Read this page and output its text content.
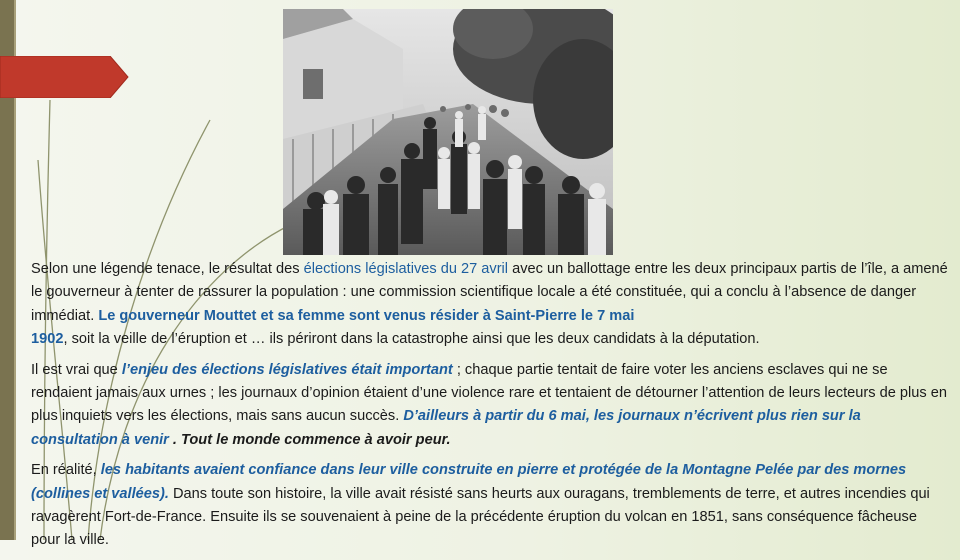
Selon une légende tenace, le résultat des élections législatives du 27 avril avec un ballottage entre les deux principaux partis de l’île, a amené le gouverneur à tenter de rassurer la population : une commission scientifique locale a été constituée, qui a conclu à l’absence de danger immédiat. Le gouverneur Mouttet et sa femme sont venus résider à Saint-Pierre le 7 mai
1902, soit la veille de l’éruption et … ils périront dans la catastrophe ainsi que les deux candidats à la députation.

Il est vrai que l’enjeu des élections législatives était important ; chaque partie tentait de faire voter les anciens esclaves qui ne se rendaient jamais aux urnes ; les journaux d’opinion étaient d’une violence rare et tentaient de détourner l’attention de leurs lecteurs de plus en plus inquiets vers les élections, mais sans aucun succès. D’ailleurs à partir du 6 mai, les journaux n’écrivent plus rien sur la consultation à venir . Tout le monde commence à avoir peur.

En réalité, les habitants avaient confiance dans leur ville construite en pierre et protégée de la Montagne Pelée par des mornes (collines et vallées). Dans toute son histoire, la ville avait résisté sans heurts aux ouragans, tremblements de terre, et autres incendies qui ravagèrent Fort-de-France. Ensuite ils se souvenaient à peine de la précédente éruption du volcan en 1851, sans conséquence fâcheuse pour la ville.
